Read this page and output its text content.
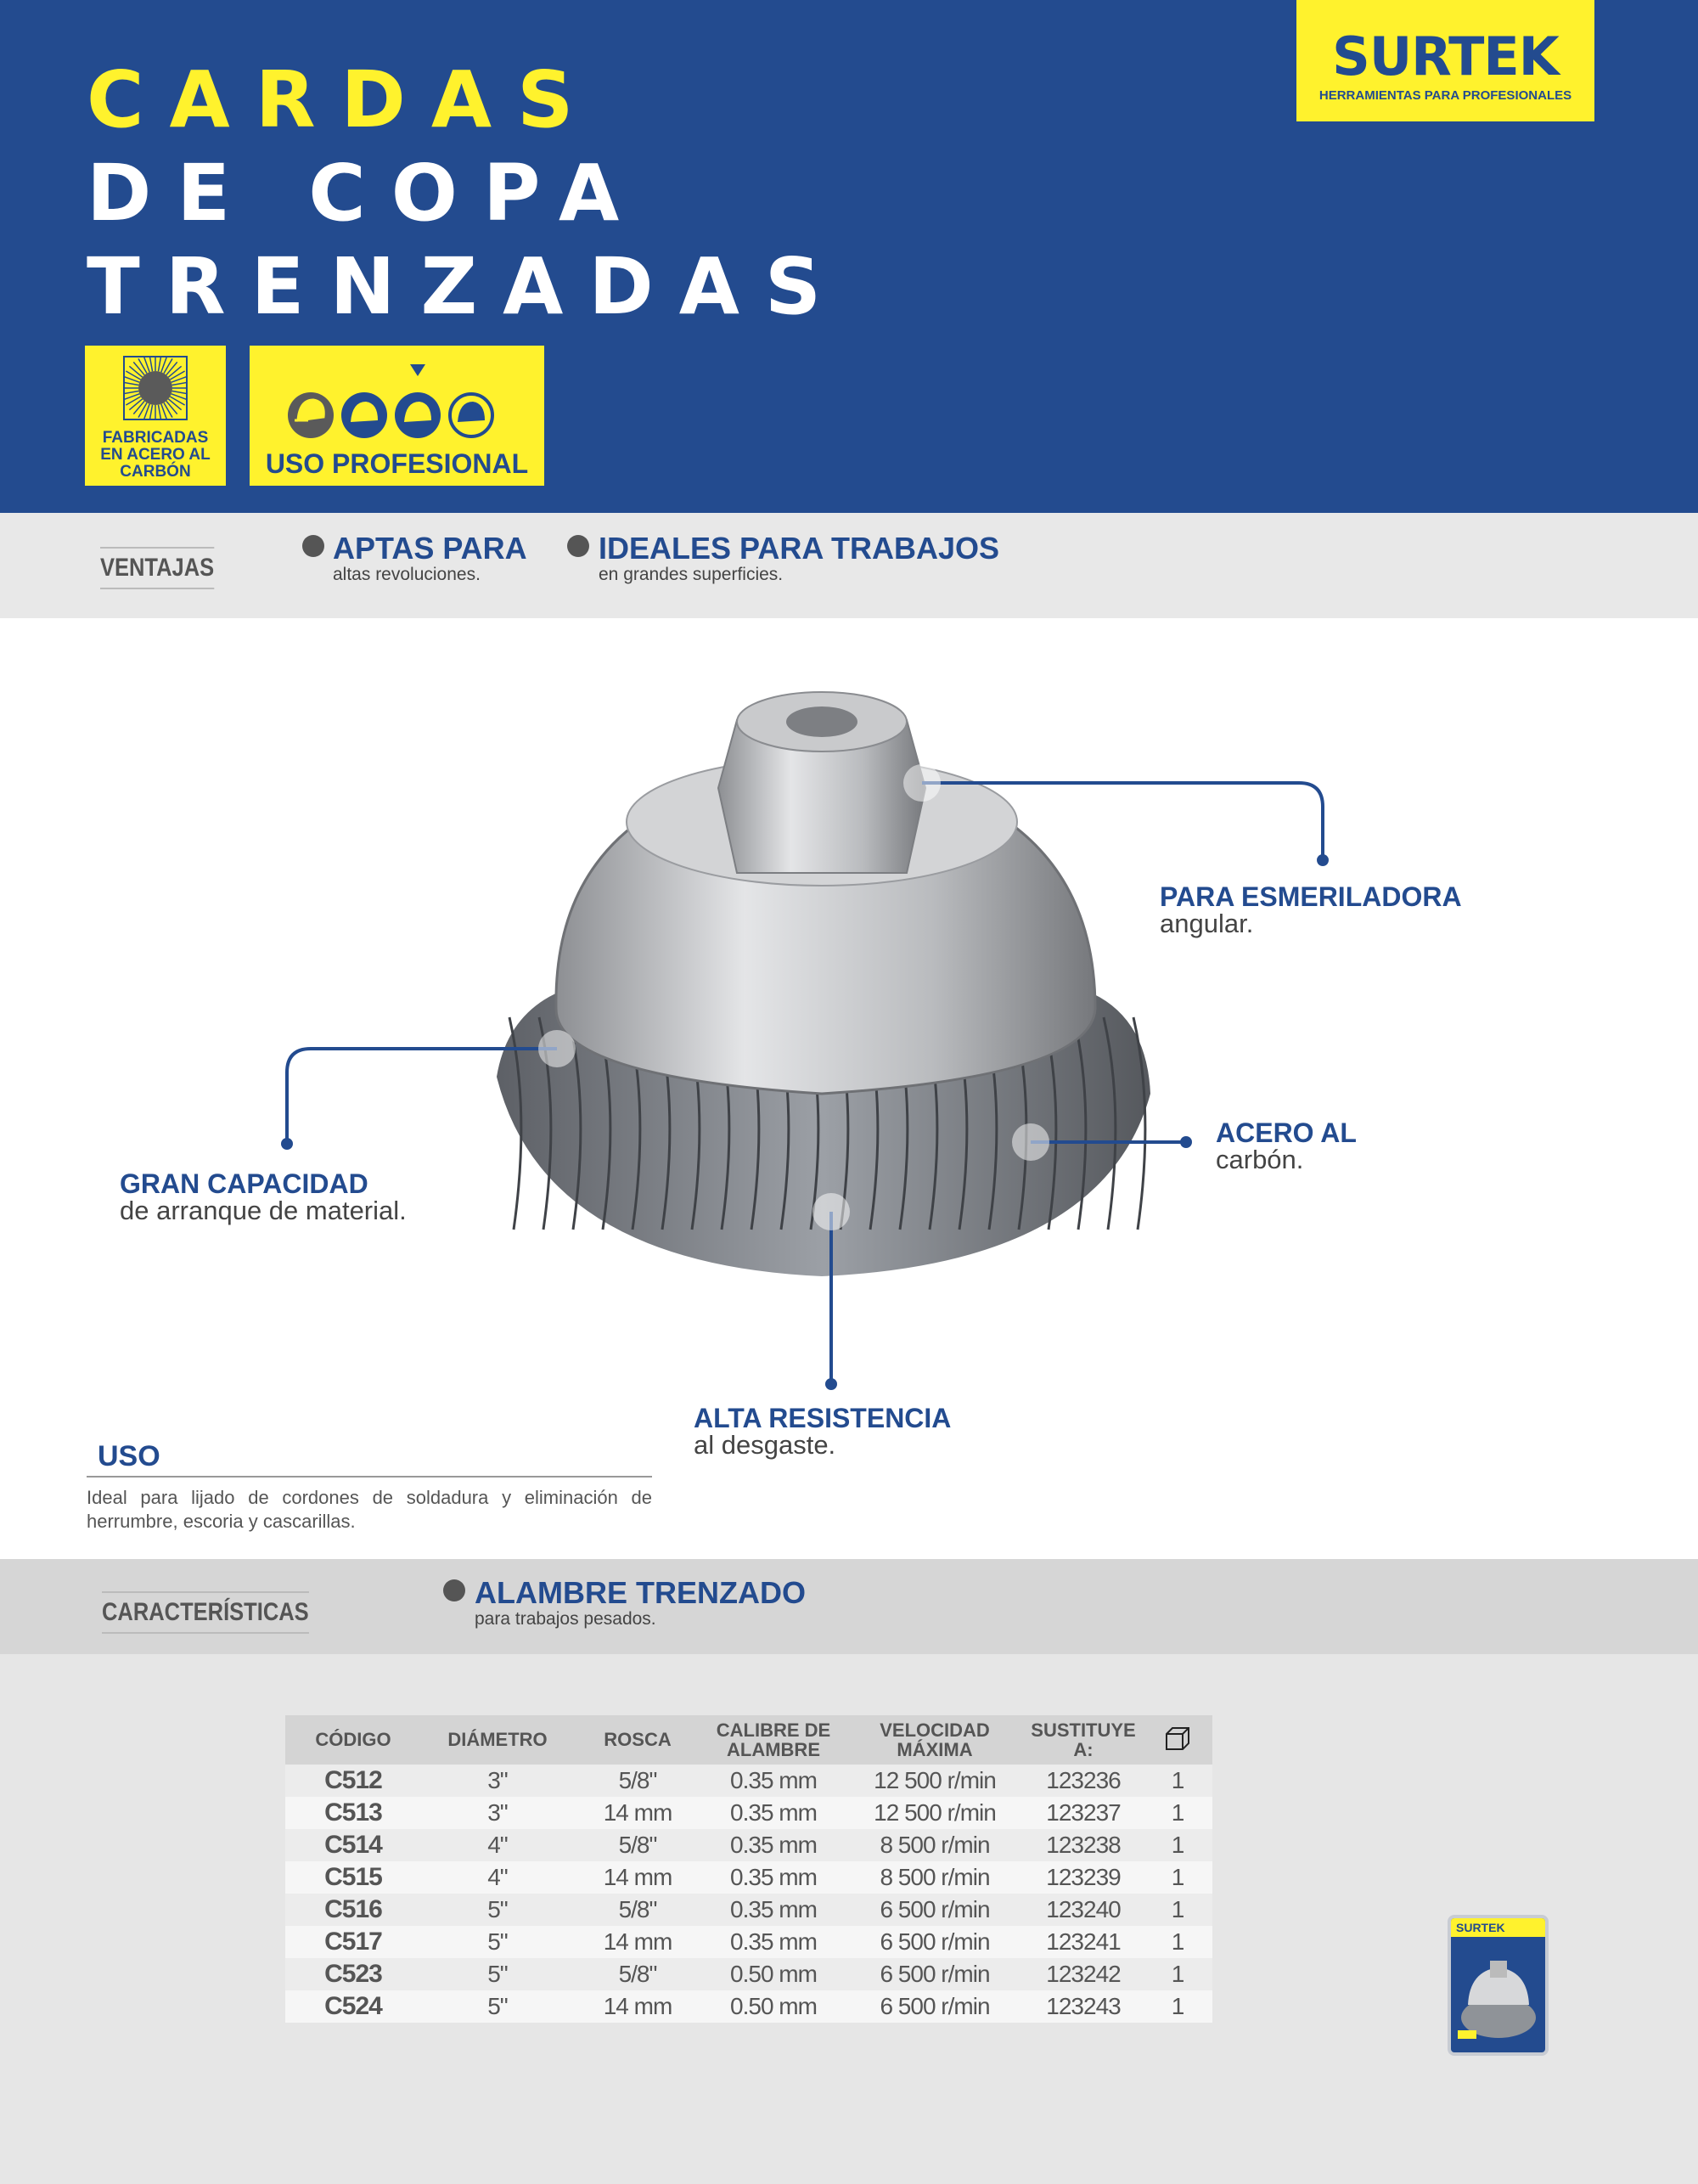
CARDAS
DE COPA
TRENZADAS
SURTEK
HERRAMIENTAS PARA PROFESIONALES
FABRICADAS EN ACERO AL CARBÓN	USO PROFESIONAL
VENTAJAS
APTAS PARA
altas revoluciones.
IDEALES PARA TRABAJOS
en grandes superficies.
PARA ESMERILADORA
angular.
ACERO AL
carbón.
GRAN CAPACIDAD
de arranque de material.
ALTA RESISTENCIA
al desgaste.
USO
Ideal para lijado de cordones de soldadura y eliminación de herrumbre, escoria y cascarillas.
CARACTERÍSTICAS
ALAMBRE TRENZADO
para trabajos pesados.
CÓDIGO	DIÁMETRO	ROSCA	CALIBRE DE ALAMBRE	VELOCIDAD MÁXIMA	SUSTITUYE A:	
C512	3"	5/8"	0.35 mm	12 500 r/min	123236	1
C513	3"	14 mm	0.35 mm	12 500 r/min	123237	1
C514	4"	5/8"	0.35 mm	8 500 r/min	123238	1
C515	4"	14 mm	0.35 mm	8 500 r/min	123239	1
C516	5"	5/8"	0.35 mm	6 500 r/min	123240	1
C517	5"	14 mm	0.35 mm	6 500 r/min	123241	1
C523	5"	5/8"	0.50 mm	6 500 r/min	123242	1
C524	5"	14 mm	0.50 mm	6 500 r/min	123243	1
SURTEK
